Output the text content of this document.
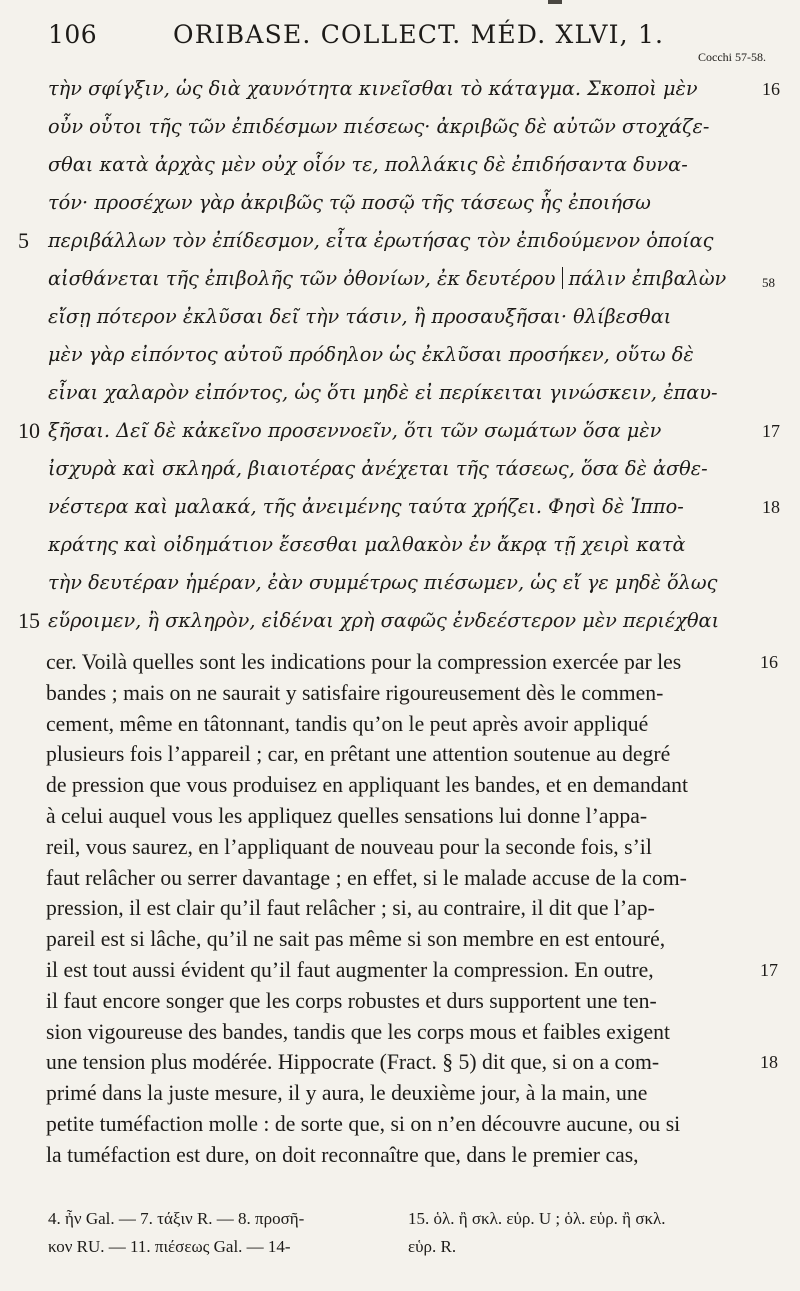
106	ORIBASE. COLLECT. MÉD. XLVI, 1.
Cocchi 57-58.
τὴν σφίγξιν, ὡς διὰ χαυνότητα κινεῖσθαι τὸ κάταγμα. Σκοποὶ μὲν	16
οὖν οὗτοι τῆς τῶν ἐπιδέσμων πιέσεως· ἀκριβῶς δὲ αὐτῶν στοχάζε-
σθαι κατὰ ἀρχὰς μὲν οὐχ οἷόν τε, πολλάκις δὲ ἐπιδήσαντα δυνα-
τόν· προσέχων γὰρ ἀκριβῶς τῷ ποσῷ τῆς τάσεως ἧς ἐποιήσω
5 περιβάλλων τὸν ἐπίδεσμον, εἶτα ἐρωτήσας τὸν ἐπιδούμενον ὁποίας
αἰσθάνεται τῆς ἐπιβολῆς τῶν ὀθονίων, ἐκ δευτέρου πάλιν ἐπιβαλὼν	58
εἴσῃ πότερον ἐκλῦσαι δεῖ τὴν τάσιν, ἢ προσαυξῆσαι· θλίβεσθαι
μὲν γὰρ εἰπόντος αὐτοῦ πρόδηλον ὡς ἐκλῦσαι προσήκεν, οὕτω δὲ
εἶναι χαλαρὸν εἰπόντος, ὡς ὅτι μηδὲ εἰ περίκειται γινώσκειν, ἐπαυ-
10 ξῆσαι. Δεῖ δὲ κἀκεῖνο προσεννοεῖν, ὅτι τῶν σωμάτων ὅσα μὲν	17
ἰσχυρὰ καὶ σκληρά, βιαιοτέρας ἀνέχεται τῆς τάσεως, ὅσα δὲ ἀσθε-
νέστερα καὶ μαλακά, τῆς ἀνειμένης ταύτα χρήζει. Φησὶ δὲ Ἱππο-	18
κράτης καὶ οἰδημάτιον ἔσεσθαι μαλθακὸν ἐν ἄκρᾳ τῇ χειρὶ κατὰ
τὴν δευτέραν ἡμέραν, ἐὰν συμμέτρως πιέσωμεν, ὡς εἴ γε μηδὲ ὅλως
15 εὕροιμεν, ἢ σκληρὸν, εἰδέναι χρὴ σαφῶς ἐνδεέστερον μὲν περιέχθαι
cer. Voilà quelles sont les indications pour la compression exercée par les	16
bandes ; mais on ne saurait y satisfaire rigoureusement dès le commen-
cement, même en tâtonnant, tandis qu’on le peut après avoir appliqué
plusieurs fois l’appareil ; car, en prêtant une attention soutenue au degré
de pression que vous produisez en appliquant les bandes, et en demandant
à celui auquel vous les appliquez quelles sensations lui donne l’appa-
reil, vous saurez, en l’appliquant de nouveau pour la seconde fois, s’il
faut relâcher ou serrer davantage ; en effet, si le malade accuse de la com-
pression, il est clair qu’il faut relâcher ; si, au contraire, il dit que l’ap-
pareil est si lâche, qu’il ne sait pas même si son membre en est entouré,
il est tout aussi évident qu’il faut augmenter la compression. En outre,	17
il faut encore songer que les corps robustes et durs supportent une ten-
sion vigoureuse des bandes, tandis que les corps mous et faibles exigent
une tension plus modérée. Hippocrate (Fract. § 5) dit que, si on a com-	18
primé dans la juste mesure, il y aura, le deuxième jour, à la main, une
petite tuméfaction molle : de sorte que, si on n’en découvre aucune, ou si
la tuméfaction est dure, on doit reconnaître que, dans le premier cas,
4. ἦν Gal. — 7. τάξιν R. — 8. προσῆ-	15. ὁλ. ἢ σκλ. εὑρ. U ; ὁλ. εὑρ. ἢ σκλ.
κον RU. — 11. πιέσεως Gal. — 14-	εὑρ. R.
